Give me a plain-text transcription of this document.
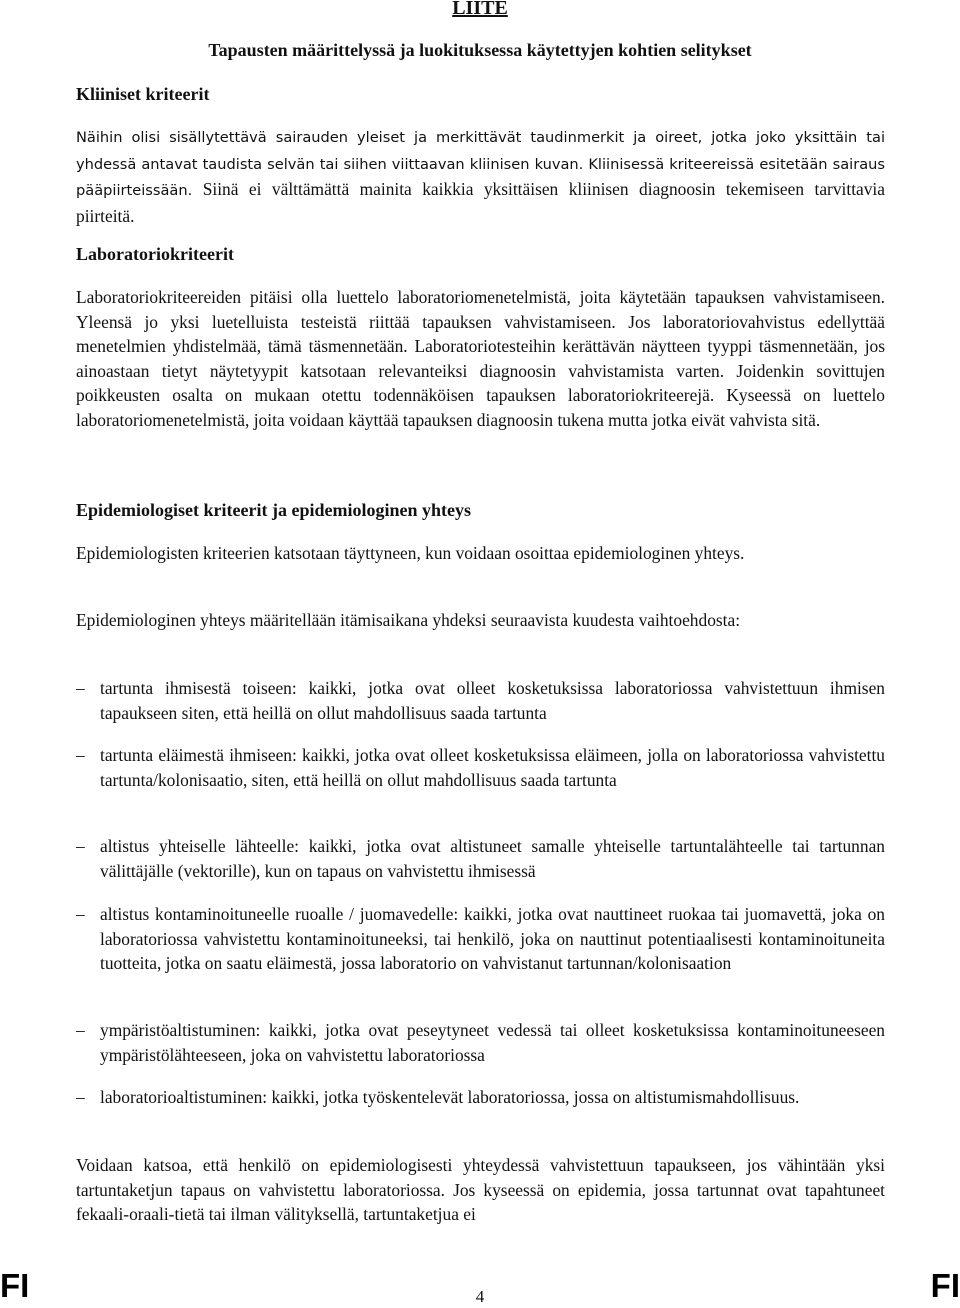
LIITE
Tapausten määrittelyssä ja luokituksessa käytettyjen kohtien selitykset
Kliiniset kriteerit

Näihin olisi sisällytettävä sairauden yleiset ja merkittävät taudinmerkit ja oireet, jotka joko yksittäin tai yhdessä antavat taudista selvän tai siihen viittaavan kliinisen kuvan. Kliinisessä kriteereissä esitetään sairaus pääpiirteissään. Siinä ei välttämättä mainita kaikkia yksittäisen kliinisen diagnoosin tekemiseen tarvittavia piirteitä.

Laboratoriokriteerit

Laboratoriokriteereiden pitäisi olla luettelo laboratoriomenetelmistä, joita käytetään tapauksen vahvistamiseen. Yleensä jo yksi luetelluista testeistä riittää tapauksen vahvistamiseen. Jos laboratoriovahvistus edellyttää menetelmien yhdistelmää, tämä täsmennetään. Laboratoriotesteihin kerättävän näytteen tyyppi täsmennetään, jos ainoastaan tietyt näytetyypit katsotaan relevanteiksi diagnoosin vahvistamista varten. Joidenkin sovittujen poikkeusten osalta on mukaan otettu todennäköisen tapauksen laboratoriokriteerejä. Kyseessä on luettelo laboratoriomenetelmistä, joita voidaan käyttää tapauksen diagnoosin tukena mutta jotka eivät vahvista sitä.

Epidemiologiset kriteerit ja epidemiologinen yhteys

Epidemiologisten kriteerien katsotaan täyttyneen, kun voidaan osoittaa epidemiologinen yhteys.

Epidemiologinen yhteys määritellään itämisaikana yhdeksi seuraavista kuudesta vaihtoehdosta:

– tartunta ihmisestä toiseen: kaikki, jotka ovat olleet kosketuksissa laboratoriossa vahvistettuun ihmisen tapaukseen siten, että heillä on ollut mahdollisuus saada tartunta
– tartunta eläimestä ihmiseen: kaikki, jotka ovat olleet kosketuksissa eläimeen, jolla on laboratoriossa vahvistettu tartunta/kolonisaatio, siten, että heillä on ollut mahdollisuus saada tartunta
– altistus yhteiselle lähteelle: kaikki, jotka ovat altistuneet samalle yhteiselle tartuntalähteelle tai tartunnan välittäjälle (vektorille), kun on tapaus on vahvistettu ihmisessä
– altistus kontaminoituneelle ruoalle / juomavedelle: kaikki, jotka ovat nauttineet ruokaa tai juomavettä, joka on laboratoriossa vahvistettu kontaminoituneeksi, tai henkilö, joka on nauttinut potentiaalisesti kontaminoituneita tuotteita, jotka on saatu eläimestä, jossa laboratorio on vahvistanut tartunnan/kolonisaation
– ympäristöaltistuminen: kaikki, jotka ovat peseytyneet vedessä tai olleet kosketuksissa kontaminoituneeseen ympäristölähteeseen, joka on vahvistettu laboratoriossa
– laboratorioaltistuminen: kaikki, jotka työskentelevät laboratoriossa, jossa on altistumismahdollisuus.

Voidaan katsoa, että henkilö on epidemiologisesti yhteydessä vahvistettuun tapaukseen, jos vähintään yksi tartuntaketjun tapaus on vahvistettu laboratoriossa. Jos kyseessä on epidemia, jossa tartunnat ovat tapahtuneet fekaali-oraali-tietä tai ilman välityksellä, tartuntaketjua ei

FI	4	FI
